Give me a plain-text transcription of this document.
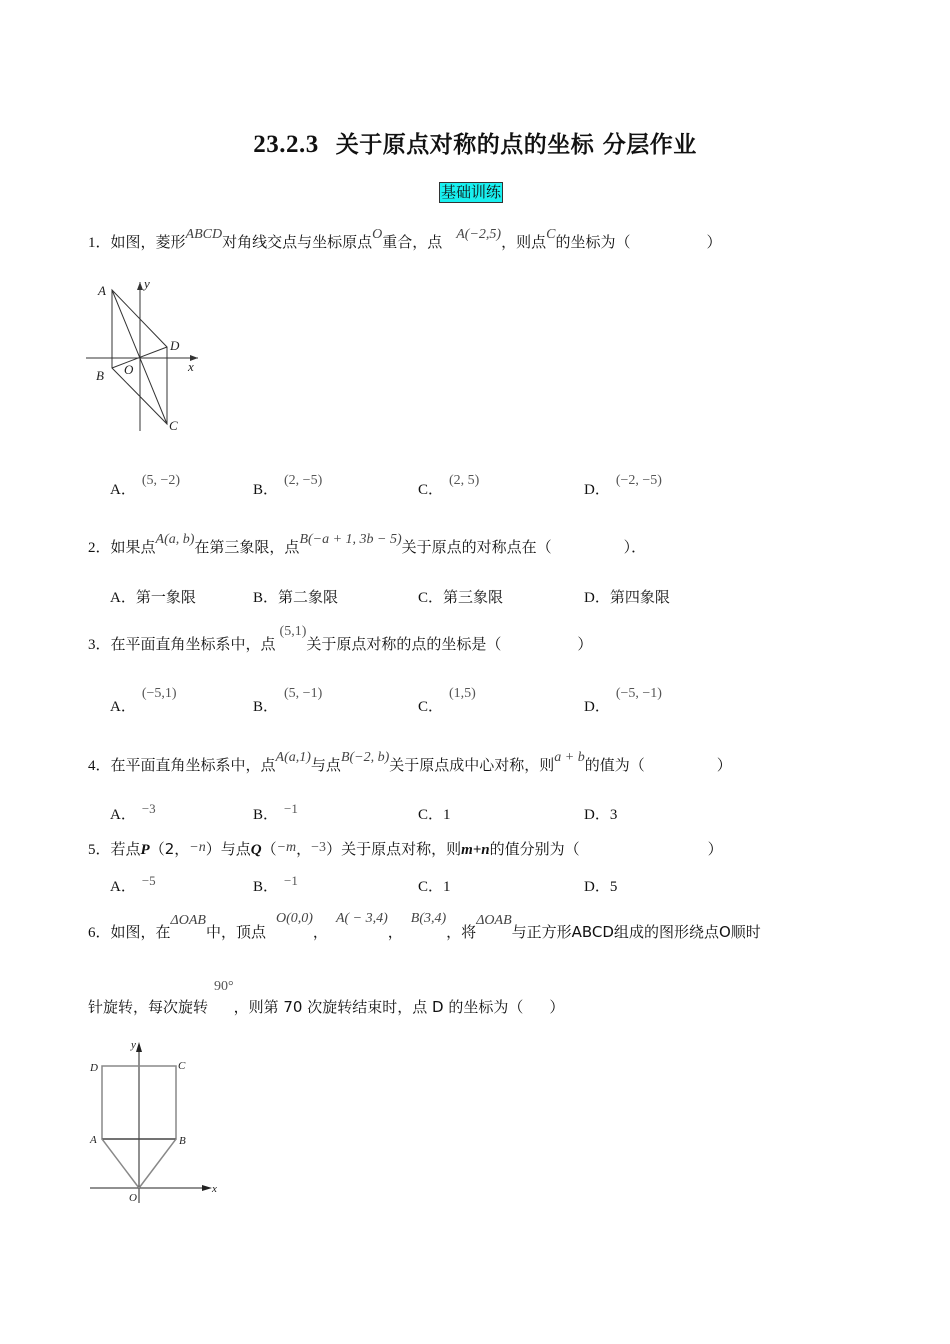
23.2.3 关于原点对称的点的坐标 分层作业
基础训练
1．如图，菱形ABCD对角线交点与坐标原点O重合，点 A(−2,5)，则点C的坐标为（	）
A	y
D
B O	x
C
A．(5, −2)
B．(2, −5)
C．(2, 5)
D．(−2, −5)
2．如果点A(a, b)在第三象限，点B(−a + 1, 3b − 5)关于原点的对称点在（	）．
A．第一象限	B．第二象限	C．第三象限	D．第四象限
3．在平面直角坐标系中，点(5,1)关于原点对称的点的坐标是（	）
A．(−5,1)
B．(5, −1)
C．(1,5)
D．(−5, −1)
4．在平面直角坐标系中，点A(a,1)与点B(−2, b)关于原点成中心对称，则a + b的值为（	）
A． −3	B． −1	C．1	D．3
5．若点P（2，−n）与点Q（−m，−3）关于原点对称，则m+n的值分别为（	）
A． −5	B． −1	C．1	D．5
6．如图，在ΔOAB中，顶点O(0,0)，A( − 3,4)，B(3,4)，将ΔOAB与正方形ABCD组成的图形绕点O顺时
针旋转，每次旋转90°，则第 70 次旋转结束时，点 D 的坐标为（ ）
D	C
y
A	B
O
x
